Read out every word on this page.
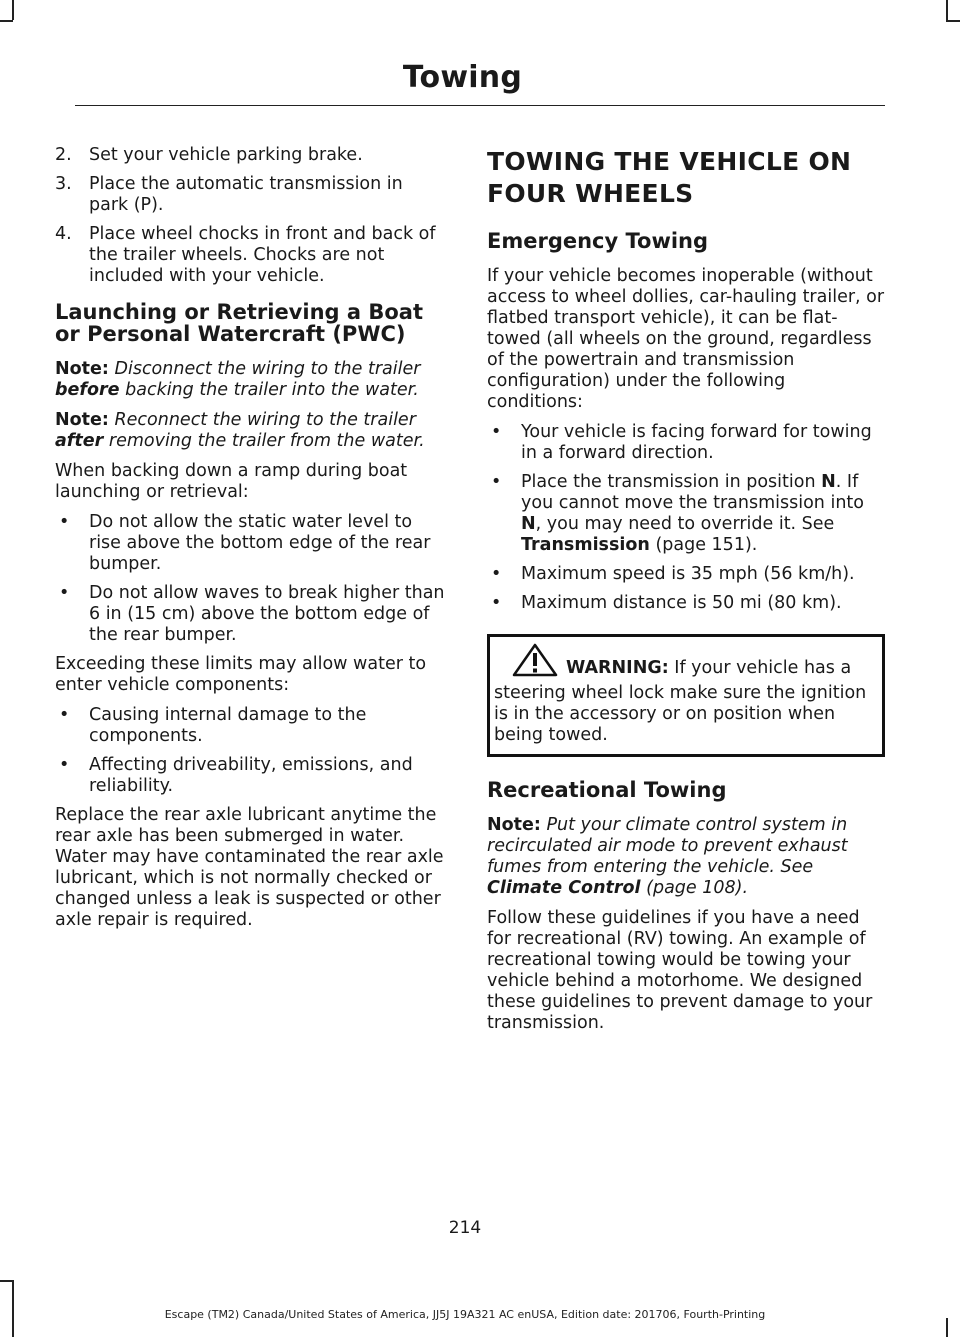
Towing
2. Set your vehicle parking brake.
3. Place the automatic transmission in park (P).
4. Place wheel chocks in front and back of the trailer wheels. Chocks are not included with your vehicle.
Launching or Retrieving a Boat or Personal Watercraft (PWC)

Note: Disconnect the wiring to the trailer before backing the trailer into the water.

Note: Reconnect the wiring to the trailer after removing the trailer from the water.

When backing down a ramp during boat launching or retrieval:

• Do not allow the static water level to rise above the bottom edge of the rear bumper.
• Do not allow waves to break higher than 6 in (15 cm) above the bottom edge of the rear bumper.

Exceeding these limits may allow water to enter vehicle components:

• Causing internal damage to the components.
• Affecting driveability, emissions, and reliability.

Replace the rear axle lubricant anytime the rear axle has been submerged in water. Water may have contaminated the rear axle lubricant, which is not normally checked or changed unless a leak is suspected or other axle repair is required.

TOWING THE VEHICLE ON
FOUR WHEELS
Emergency Towing

If your vehicle becomes inoperable (without access to wheel dollies, car-hauling trailer, or flatbed transport vehicle), it can be flat-towed (all wheels on the ground, regardless of the powertrain and transmission configuration) under the following conditions:

• Your vehicle is facing forward for towing in a forward direction.
• Place the transmission in position N. If you cannot move the transmission into N, you may need to override it. See Transmission (page 151).
• Maximum speed is 35 mph (56 km/h).
• Maximum distance is 50 mi (80 km).
WARNING: If your vehicle has a steering wheel lock make sure the ignition is in the accessory or on position when being towed.
Recreational Towing

Note: Put your climate control system in recirculated air mode to prevent exhaust fumes from entering the vehicle. See Climate Control (page 108).

Follow these guidelines if you have a need for recreational (RV) towing. An example of recreational towing would be towing your vehicle behind a motorhome. We designed these guidelines to prevent damage to your transmission.

214
Escape (TM2) Canada/United States of America, JJ5J 19A321 AC enUSA, Edition date: 201706, Fourth-Printing
